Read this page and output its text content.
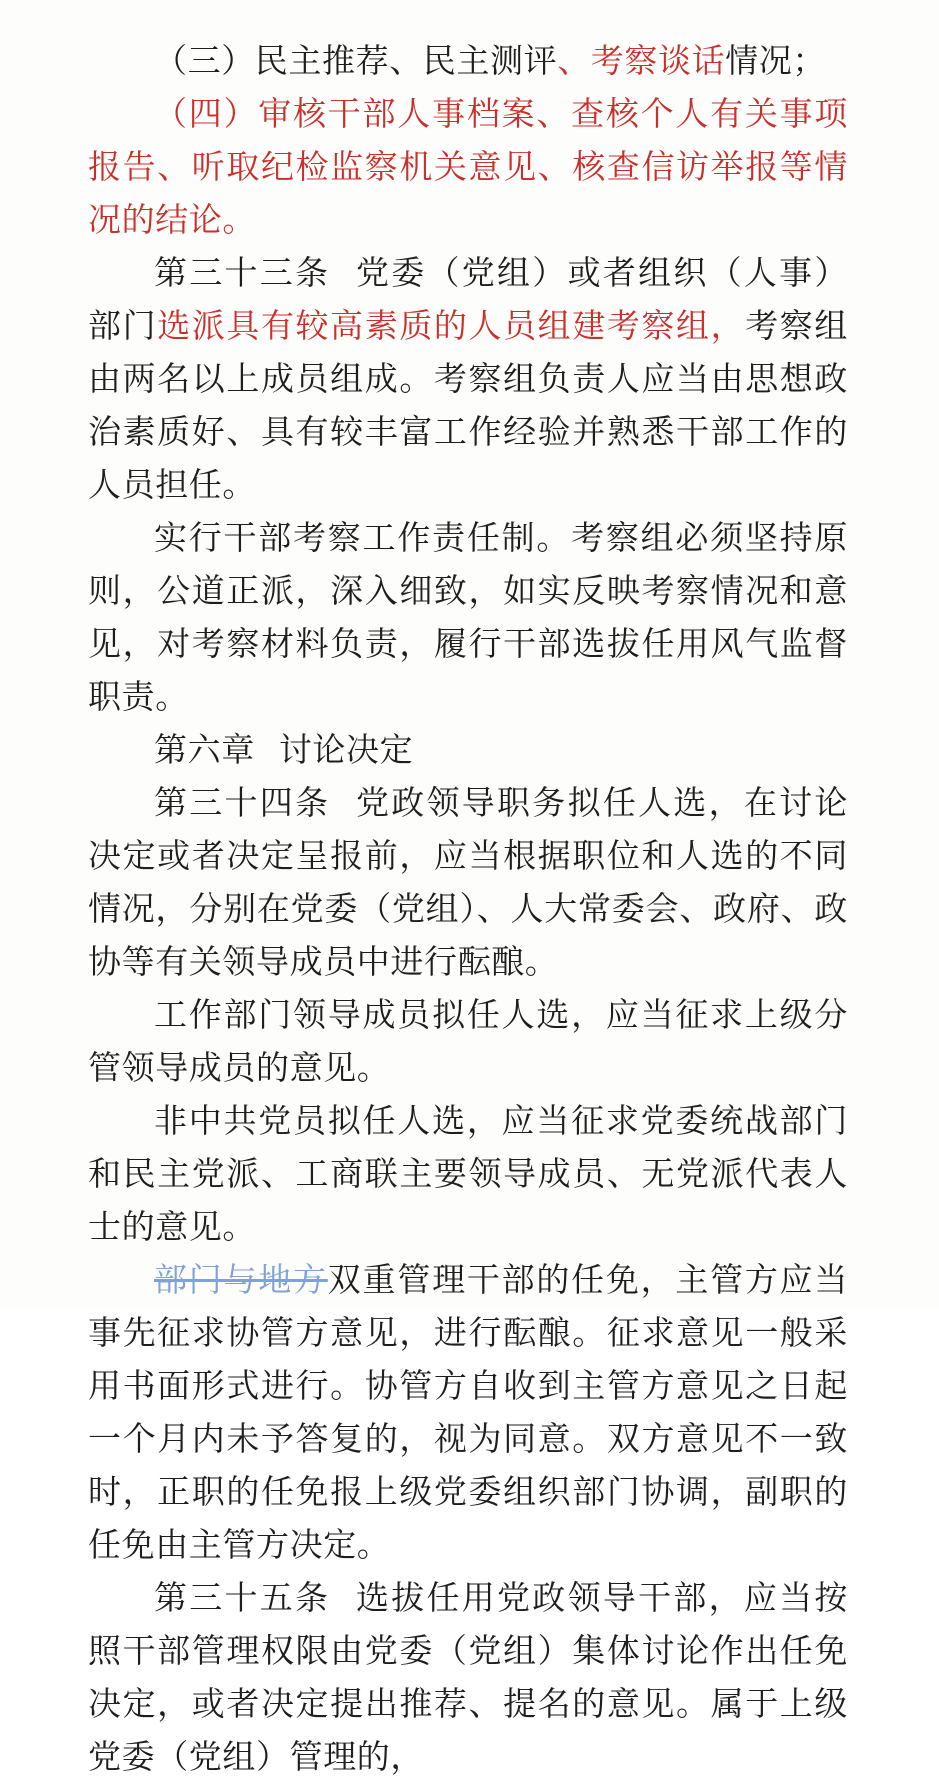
（三）民主推荐、民主测评、考察谈话情况；

（四）审核干部人事档案、查核个人有关事项报告、听取纪检监察机关意见、核查信访举报等情况的结论。

第三十三条 党委（党组）或者组织（人事）部门选派具有较高素质的人员组建考察组，考察组由两名以上成员组成。考察组负责人应当由思想政治素质好、具有较丰富工作经验并熟悉干部工作的人员担任。

实行干部考察工作责任制。考察组必须坚持原则，公道正派，深入细致，如实反映考察情况和意见，对考察材料负责，履行干部选拔任用风气监督职责。

第六章 讨论决定

第三十四条 党政领导职务拟任人选，在讨论决定或者决定呈报前，应当根据职位和人选的不同情况，分别在党委（党组）、人大常委会、政府、政协等有关领导成员中进行酝酿。

工作部门领导成员拟任人选，应当征求上级分管领导成员的意见。

非中共党员拟任人选，应当征求党委统战部门和民主党派、工商联主要领导成员、无党派代表人士的意见。

部门与地方双重管理干部的任免，主管方应当事先征求协管方意见，进行酝酿。征求意见一般采用书面形式进行。协管方自收到主管方意见之日起一个月内未予答复的，视为同意。双方意见不一致时，正职的任免报上级党委组织部门协调，副职的任免由主管方决定。

第三十五条 选拔任用党政领导干部，应当按照干部管理权限由党委（党组）集体讨论作出任免决定，或者决定提出推荐、提名的意见。属于上级党委（党组）管理的，
